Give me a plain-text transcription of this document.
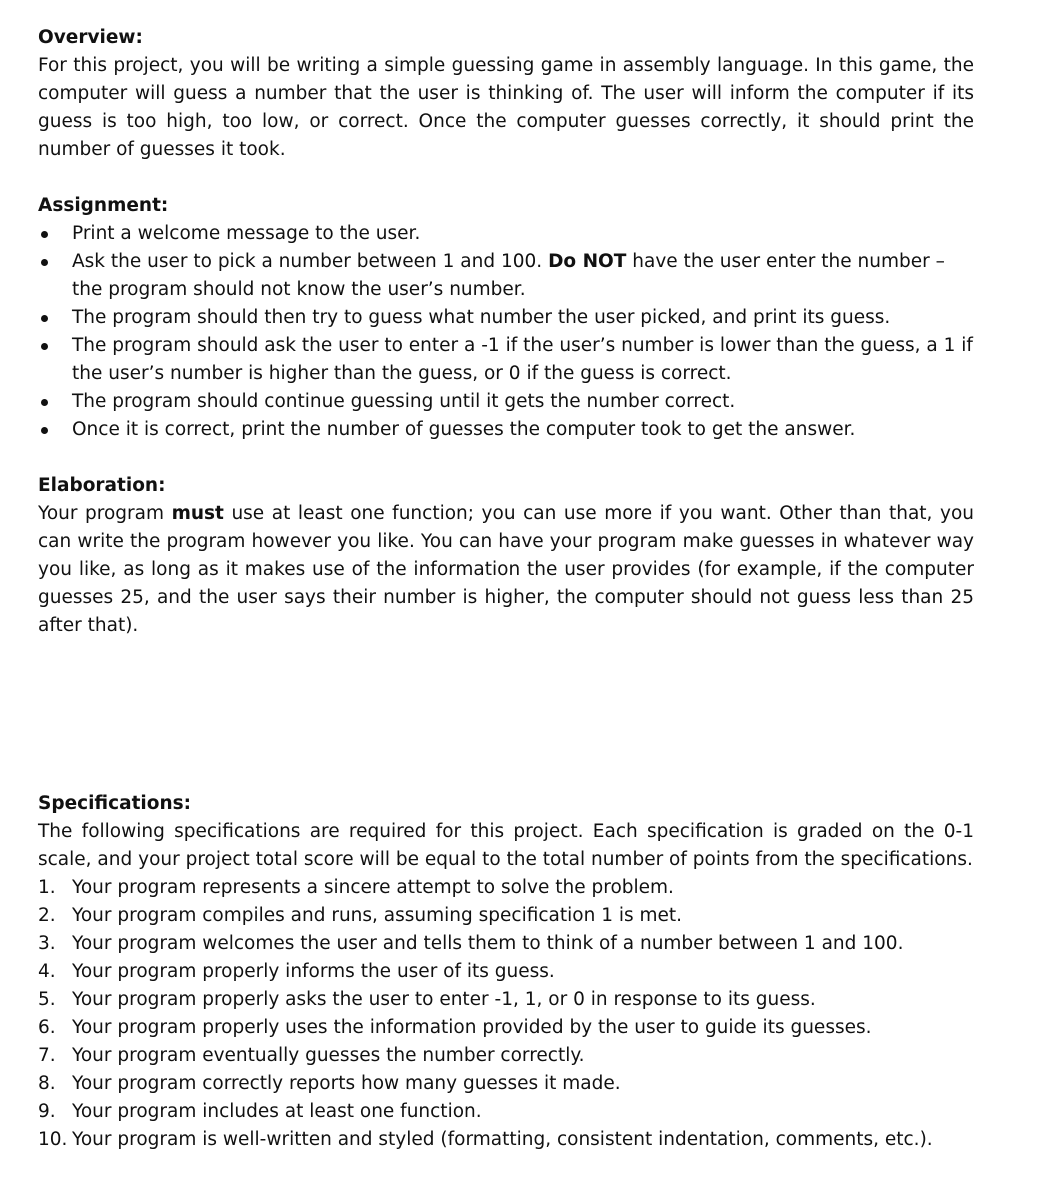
Overview:

For this project, you will be writing a simple guessing game in assembly language. In this game, the computer will guess a number that the user is thinking of. The user will inform the computer if its guess is too high, too low, or correct. Once the computer guesses correctly, it should print the number of guesses it took.

Assignment:

Print a welcome message to the user.
Ask the user to pick a number between 1 and 100. Do NOT have the user enter the number – the program should not know the user’s number.
The program should then try to guess what number the user picked, and print its guess.
The program should ask the user to enter a -1 if the user’s number is lower than the guess, a 1 if the user’s number is higher than the guess, or 0 if the guess is correct.
The program should continue guessing until it gets the number correct.
Once it is correct, print the number of guesses the computer took to get the answer.

Elaboration:

Your program must use at least one function; you can use more if you want. Other than that, you can write the program however you like. You can have your program make guesses in whatever way you like, as long as it makes use of the information the user provides (for example, if the computer guesses 25, and the user says their number is higher, the computer should not guess less than 25 after that).

Specifications:

The following specifications are required for this project. Each specification is graded on the 0-1 scale, and your project total score will be equal to the total number of points from the specifications.

1. Your program represents a sincere attempt to solve the problem.
2. Your program compiles and runs, assuming specification 1 is met.
3. Your program welcomes the user and tells them to think of a number between 1 and 100.
4. Your program properly informs the user of its guess.
5. Your program properly asks the user to enter -1, 1, or 0 in response to its guess.
6. Your program properly uses the information provided by the user to guide its guesses.
7. Your program eventually guesses the number correctly.
8. Your program correctly reports how many guesses it made.
9. Your program includes at least one function.
10. Your program is well-written and styled (formatting, consistent indentation, comments, etc.).
